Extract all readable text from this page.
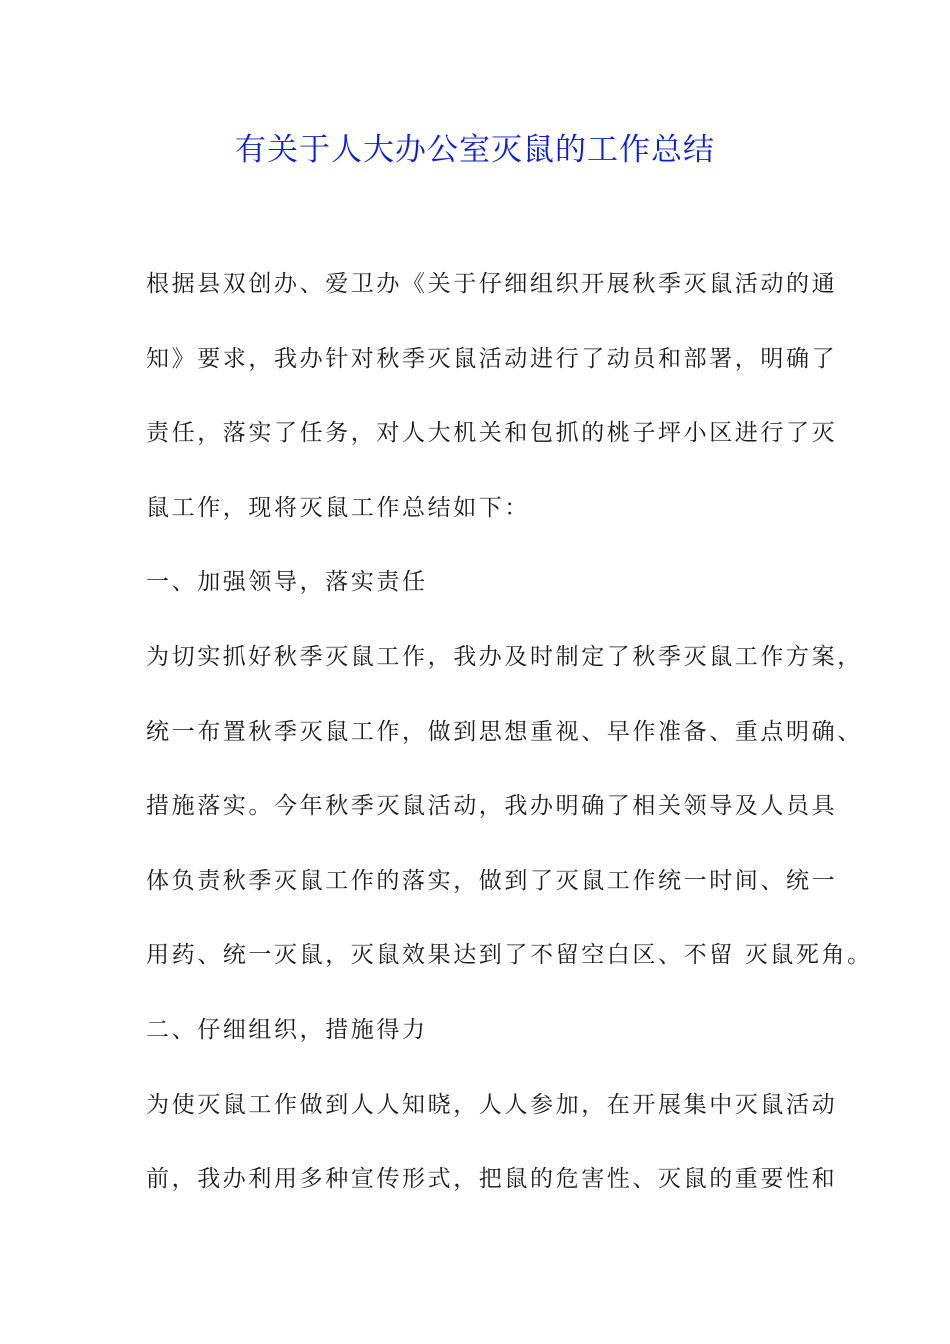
有关于人大办公室灭鼠的工作总结
根据县双创办、爱卫办《关于仔细组织开展秋季灭鼠活动的通
知》要求，我办针对秋季灭鼠活动进行了动员和部署，明确了
责任，落实了任务，对人大机关和包抓的桃子坪小区进行了灭
鼠工作，现将灭鼠工作总结如下：
一、加强领导，落实责任
为切实抓好秋季灭鼠工作，我办及时制定了秋季灭鼠工作方案，
统一布置秋季灭鼠工作，做到思想重视、早作准备、重点明确、
措施落实。今年秋季灭鼠活动，我办明确了相关领导及人员具
体负责秋季灭鼠工作的落实，做到了灭鼠工作统一时间、统一
用药、统一灭鼠，灭鼠效果达到了不留空白区、不留 灭鼠死角。
二、仔细组织，措施得力
为使灭鼠工作做到人人知晓，人人参加，在开展集中灭鼠活动
前，我办利用多种宣传形式，把鼠的危害性、灭鼠的重要性和
